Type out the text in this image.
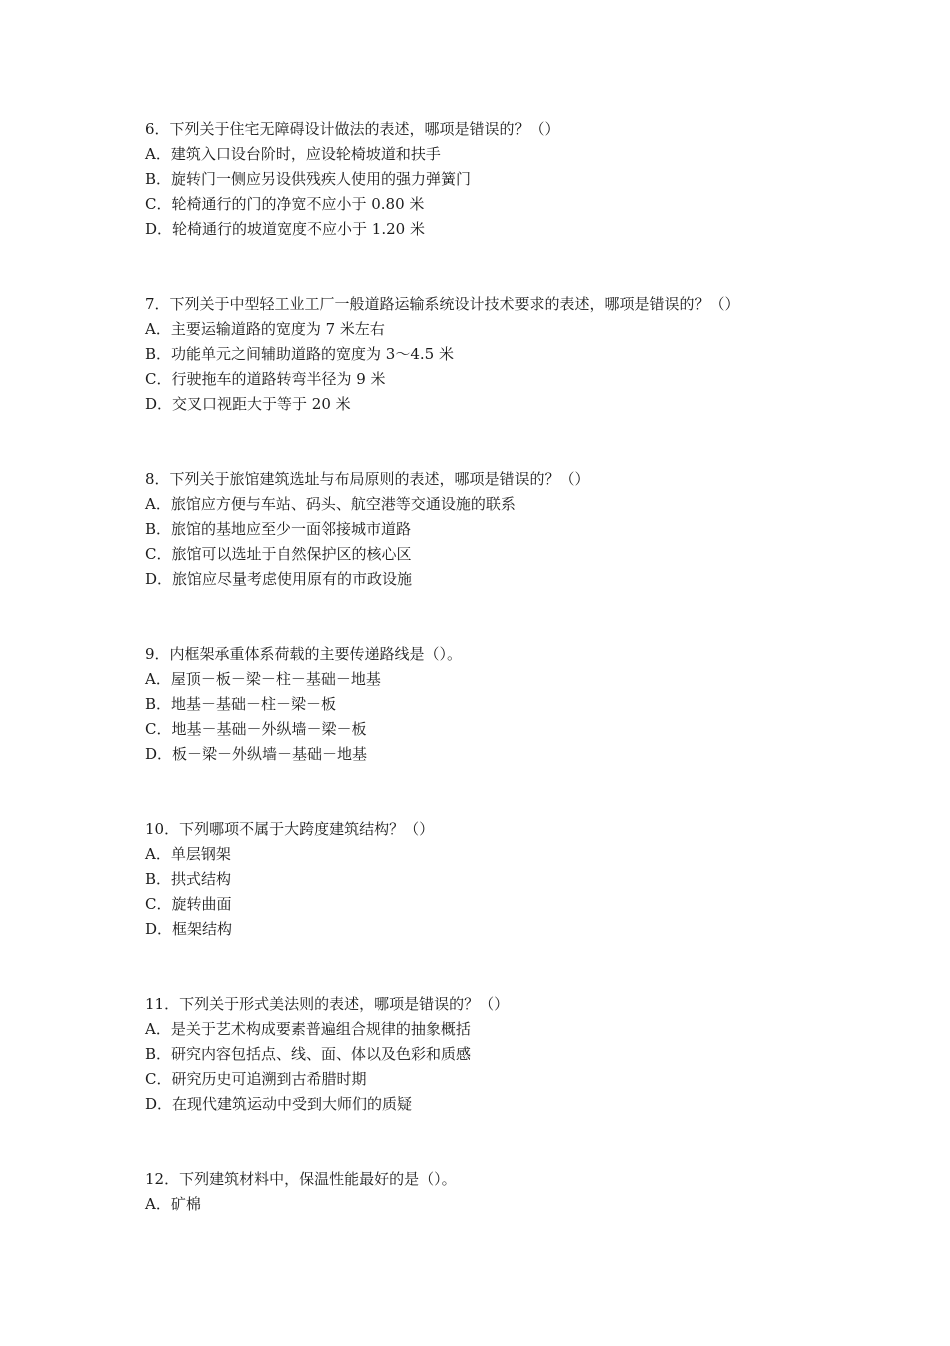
6．下列关于住宅无障碍设计做法的表述，哪项是错误的？（）
A．建筑入口设台阶时，应设轮椅坡道和扶手
B．旋转门一侧应另设供残疾人使用的强力弹簧门
C．轮椅通行的门的净宽不应小于 0.80 米
D．轮椅通行的坡道宽度不应小于 1.20 米
7．下列关于中型轻工业工厂一般道路运输系统设计技术要求的表述，哪项是错误的？（）
A．主要运输道路的宽度为 7 米左右
B．功能单元之间辅助道路的宽度为 3～4.5 米
C．行驶拖车的道路转弯半径为 9 米
D．交叉口视距大于等于 20 米
8．下列关于旅馆建筑选址与布局原则的表述，哪项是错误的？（）
A．旅馆应方便与车站、码头、航空港等交通设施的联系
B．旅馆的基地应至少一面邻接城市道路
C．旅馆可以选址于自然保护区的核心区
D．旅馆应尽量考虑使用原有的市政设施
9．内框架承重体系荷载的主要传递路线是（）。
A．屋顶－板－梁－柱－基础－地基
B．地基－基础－柱－梁－板
C．地基－基础－外纵墙－梁－板
D．板－梁－外纵墙－基础－地基
10．下列哪项不属于大跨度建筑结构？（）
A．单层钢架
B．拱式结构
C．旋转曲面
D．框架结构
11．下列关于形式美法则的表述，哪项是错误的？（）
A．是关于艺术构成要素普遍组合规律的抽象概括
B．研究内容包括点、线、面、体以及色彩和质感
C．研究历史可追溯到古希腊时期
D．在现代建筑运动中受到大师们的质疑
12．下列建筑材料中，保温性能最好的是（）。
A．矿棉
